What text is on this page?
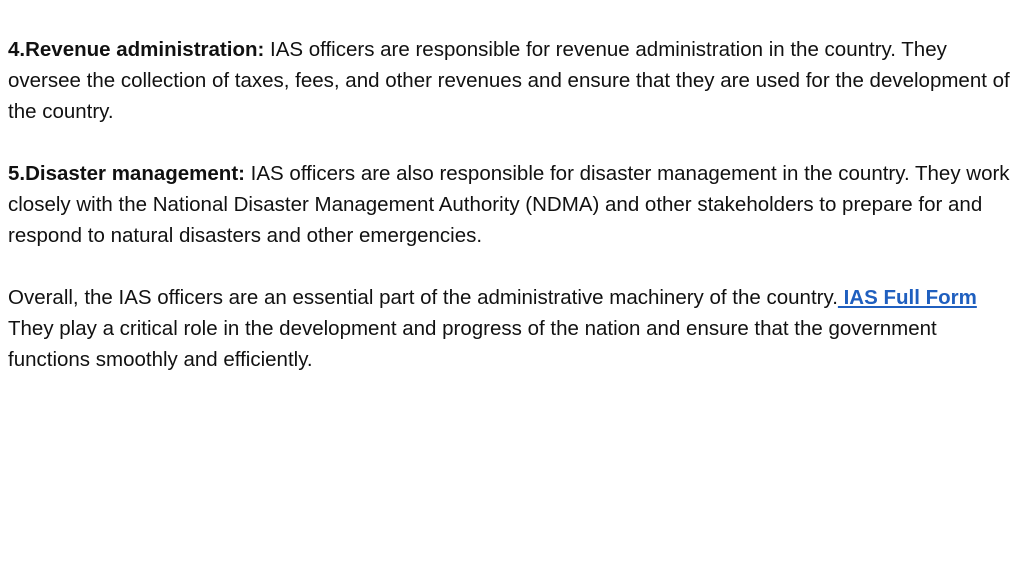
4.Revenue administration: IAS officers are responsible for revenue administration in the country. They oversee the collection of taxes, fees, and other revenues and ensure that they are used for the development of the country.

5.Disaster management: IAS officers are also responsible for disaster management in the country. They work closely with the National Disaster Management Authority (NDMA) and other stakeholders to prepare for and respond to natural disasters and other emergencies.

Overall, the IAS officers are an essential part of the administrative machinery of the country. IAS Full Form They play a critical role in the development and progress of the nation and ensure that the government functions smoothly and efficiently.
